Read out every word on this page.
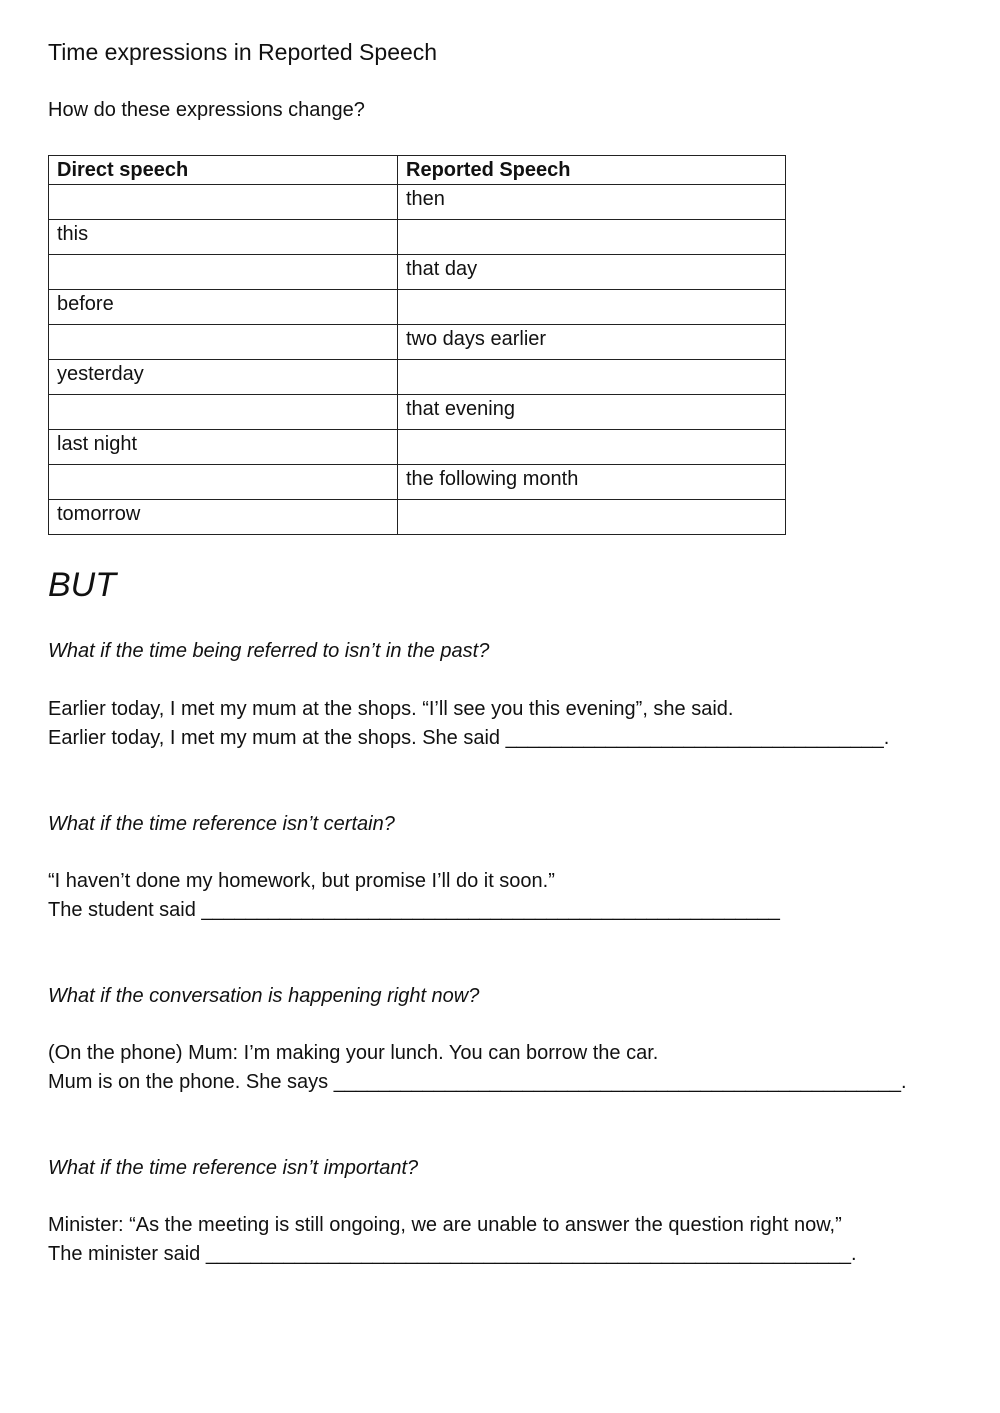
Time expressions in Reported Speech
How do these expressions change?
Direct speech	Reported Speech
	then
this	
	that day
before	
	two days earlier
yesterday	
	that evening
last night	
	the following month
tomorrow	
BUT
What if the time being referred to isn’t in the past?
Earlier today, I met my mum at the shops. “I’ll see you this evening”, she said.
Earlier today, I met my mum at the shops. She said __________________________________.
What if the time reference isn’t certain?
“I haven’t done my homework, but promise I’ll do it soon.”
The student said ____________________________________________________
What if the conversation is happening right now?
(On the phone) Mum: I’m making your lunch. You can borrow the car.
Mum is on the phone. She says ___________________________________________________.
What if the time reference isn’t important?
Minister: “As the meeting is still ongoing, we are unable to answer the question right now,”
The minister said __________________________________________________________.
